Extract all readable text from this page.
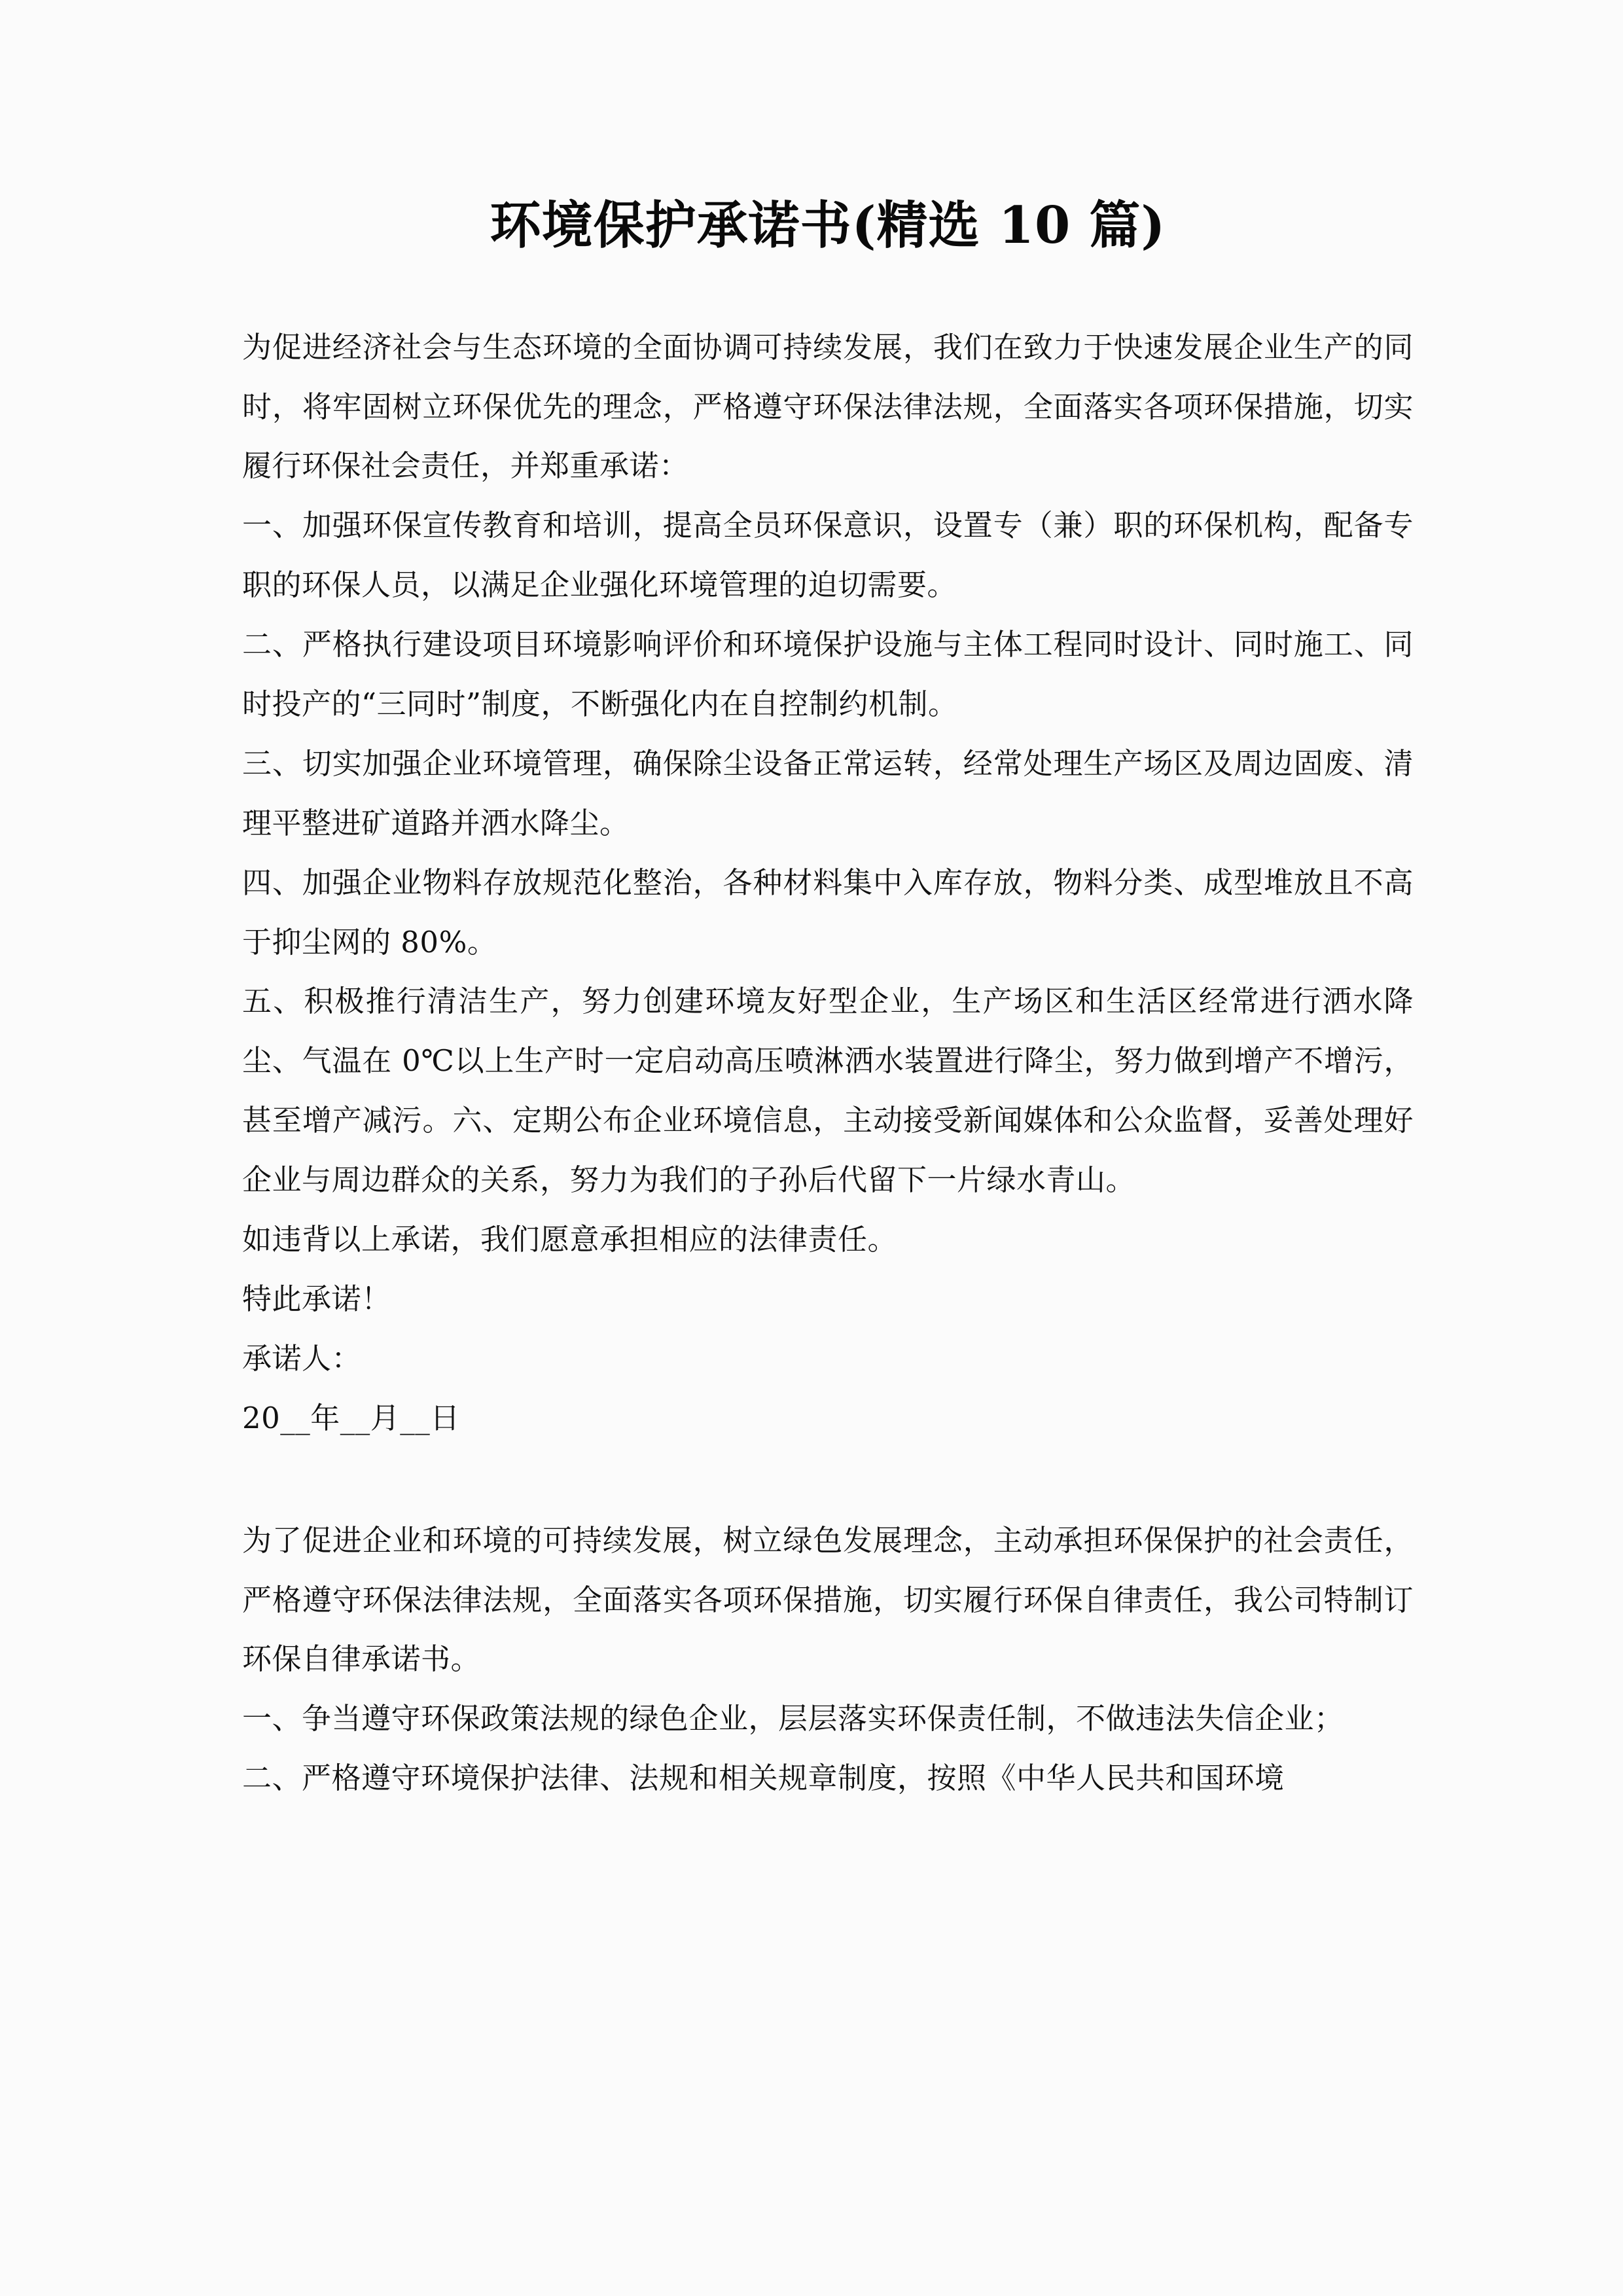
环境保护承诺书(精选 10 篇)

为促进经济社会与生态环境的全面协调可持续发展，我们在致力于快速发展企业生产的同时，将牢固树立环保优先的理念，严格遵守环保法律法规，全面落实各项环保措施，切实履行环保社会责任，并郑重承诺：

一、加强环保宣传教育和培训，提高全员环保意识，设置专（兼）职的环保机构，配备专职的环保人员，以满足企业强化环境管理的迫切需要。

二、严格执行建设项目环境影响评价和环境保护设施与主体工程同时设计、同时施工、同时投产的“三同时”制度，不断强化内在自控制约机制。

三、切实加强企业环境管理，确保除尘设备正常运转，经常处理生产场区及周边固废、清理平整进矿道路并洒水降尘。

四、加强企业物料存放规范化整治，各种材料集中入库存放，物料分类、成型堆放且不高于抑尘网的 80%。

五、积极推行清洁生产，努力创建环境友好型企业，生产场区和生活区经常进行洒水降尘、气温在 0℃以上生产时一定启动高压喷淋洒水装置进行降尘，努力做到增产不增污，甚至增产减污。六、定期公布企业环境信息，主动接受新闻媒体和公众监督，妥善处理好企业与周边群众的关系，努力为我们的子孙后代留下一片绿水青山。

如违背以上承诺，我们愿意承担相应的法律责任。

特此承诺！

承诺人：

20__年__月__日

为了促进企业和环境的可持续发展，树立绿色发展理念，主动承担环保保护的社会责任，严格遵守环保法律法规，全面落实各项环保措施，切实履行环保自律责任，我公司特制订环保自律承诺书。

一、争当遵守环保政策法规的绿色企业，层层落实环保责任制，不做违法失信企业；

二、严格遵守环境保护法律、法规和相关规章制度，按照《中华人民共和国环境
